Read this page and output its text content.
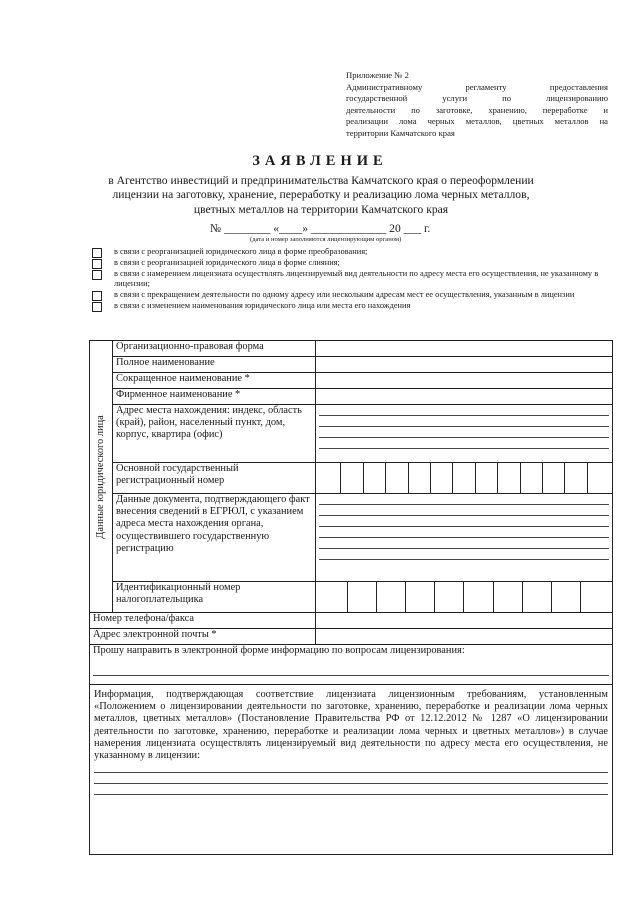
Приложение № 2
Административному регламенту предоставления
государственной услуги по лицензированию
деятельности по заготовке, хранению, переработке и
реализации лома черных металлов, цветных металлов на
территории Камчатского края
ЗАЯВЛЕНИЕ
в Агентство инвестиций и предпринимательства Камчатского края о переоформлении
лицензии на заготовку, хранение, переработку и реализацию лома черных металлов,
цветных металлов на территории Камчатского края
№ ________ «____» _____________ 20 ___ г.
(дата и номер заполняются лицензирующим органом)
в связи с реорганизацией юридического лица в форме преобразования;
в связи с реорганизацией юридического лица в форме слияния;
в связи с намерением лицензиата осуществлять лицензируемый вид деятельности по адресу места его осуществления, не указанному в лицензии;
в связи с прекращением деятельности по одному адресу или нескольким адресам мест ее осуществления, указанным в лицензии
в связи с изменением наименования юридического лица или места его нахождения
Данные юридического лица	Организационно-правовая форма	
	Полное наименование	
	Сокращенное наименование *	
	Фирменное наименование *	
	Адрес места нахождения: индекс, область (край), район, населенный пункт, дом, корпус, квартира (офис)	

	Основной государственный регистрационный номер	

	Данные документа, подтверждающего факт внесения сведений в ЕГРЮЛ, с указанием адреса места нахождения органа, осуществившего государственную регистрацию	

	Идентификационный номер налогоплательщика	

Номер телефона/факса		
Адрес электронной почты *		

Прошу направить в электронной форме информацию по вопросам лицензирования:		

Информация, подтверждающая соответствие лицензиата лицензионным требованиям, установленным «Положением о лицензировании деятельности по заготовке, хранению, переработке и реализации лома черных металлов, цветных металлов» (Постановление Правительства РФ от 12.12.2012 № 1287 «О лицензировании деятельности по заготовке, хранению, переработке и реализации лома черных и цветных металлов») в случае намерения лицензиата осуществлять лицензируемый вид деятельности по адресу места его осуществления, не указанному в лицензии:		
